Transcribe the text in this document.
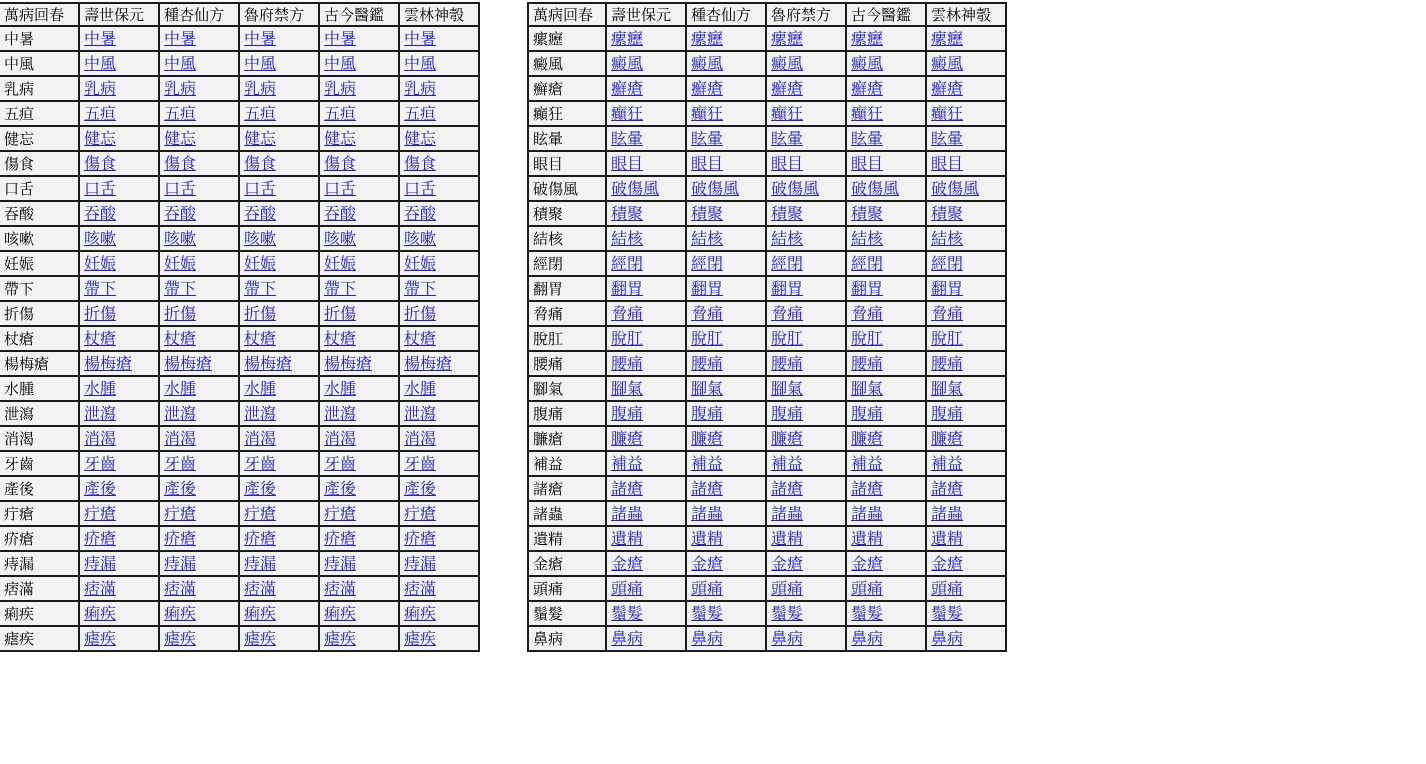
萬病回春	壽世保元	種杏仙方	魯府禁方	古今醫鑑	雲林神彀
中暑	中暑	中暑	中暑	中暑	中暑
中風	中風	中風	中風	中風	中風
乳病	乳病	乳病	乳病	乳病	乳病
五疸	五疸	五疸	五疸	五疸	五疸
健忘	健忘	健忘	健忘	健忘	健忘
傷食	傷食	傷食	傷食	傷食	傷食
口舌	口舌	口舌	口舌	口舌	口舌
吞酸	吞酸	吞酸	吞酸	吞酸	吞酸
咳嗽	咳嗽	咳嗽	咳嗽	咳嗽	咳嗽
妊娠	妊娠	妊娠	妊娠	妊娠	妊娠
帶下	帶下	帶下	帶下	帶下	帶下
折傷	折傷	折傷	折傷	折傷	折傷
杖瘡	杖瘡	杖瘡	杖瘡	杖瘡	杖瘡
楊梅瘡	楊梅瘡	楊梅瘡	楊梅瘡	楊梅瘡	楊梅瘡
水腫	水腫	水腫	水腫	水腫	水腫
泄瀉	泄瀉	泄瀉	泄瀉	泄瀉	泄瀉
消渴	消渴	消渴	消渴	消渴	消渴
牙齒	牙齒	牙齒	牙齒	牙齒	牙齒
產後	產後	產後	產後	產後	產後
疔瘡	疔瘡	疔瘡	疔瘡	疔瘡	疔瘡
疥瘡	疥瘡	疥瘡	疥瘡	疥瘡	疥瘡
痔漏	痔漏	痔漏	痔漏	痔漏	痔漏
痞滿	痞滿	痞滿	痞滿	痞滿	痞滿
痢疾	痢疾	痢疾	痢疾	痢疾	痢疾
瘧疾	瘧疾	瘧疾	瘧疾	瘧疾	瘧疾
萬病回春	壽世保元	種杏仙方	魯府禁方	古今醫鑑	雲林神彀
瘰癧	瘰癧	瘰癧	瘰癧	瘰癧	瘰癧
癜風	癜風	癜風	癜風	癜風	癜風
癬瘡	癬瘡	癬瘡	癬瘡	癬瘡	癬瘡
癲狂	癲狂	癲狂	癲狂	癲狂	癲狂
眩暈	眩暈	眩暈	眩暈	眩暈	眩暈
眼目	眼目	眼目	眼目	眼目	眼目
破傷風	破傷風	破傷風	破傷風	破傷風	破傷風
積聚	積聚	積聚	積聚	積聚	積聚
結核	結核	結核	結核	結核	結核
經閉	經閉	經閉	經閉	經閉	經閉
翻胃	翻胃	翻胃	翻胃	翻胃	翻胃
脅痛	脅痛	脅痛	脅痛	脅痛	脅痛
脫肛	脫肛	脫肛	脫肛	脫肛	脫肛
腰痛	腰痛	腰痛	腰痛	腰痛	腰痛
腳氣	腳氣	腳氣	腳氣	腳氣	腳氣
腹痛	腹痛	腹痛	腹痛	腹痛	腹痛
臁瘡	臁瘡	臁瘡	臁瘡	臁瘡	臁瘡
補益	補益	補益	補益	補益	補益
諸瘡	諸瘡	諸瘡	諸瘡	諸瘡	諸瘡
諸蟲	諸蟲	諸蟲	諸蟲	諸蟲	諸蟲
遺精	遺精	遺精	遺精	遺精	遺精
金瘡	金瘡	金瘡	金瘡	金瘡	金瘡
頭痛	頭痛	頭痛	頭痛	頭痛	頭痛
鬚髮	鬚髮	鬚髮	鬚髮	鬚髮	鬚髮
鼻病	鼻病	鼻病	鼻病	鼻病	鼻病
